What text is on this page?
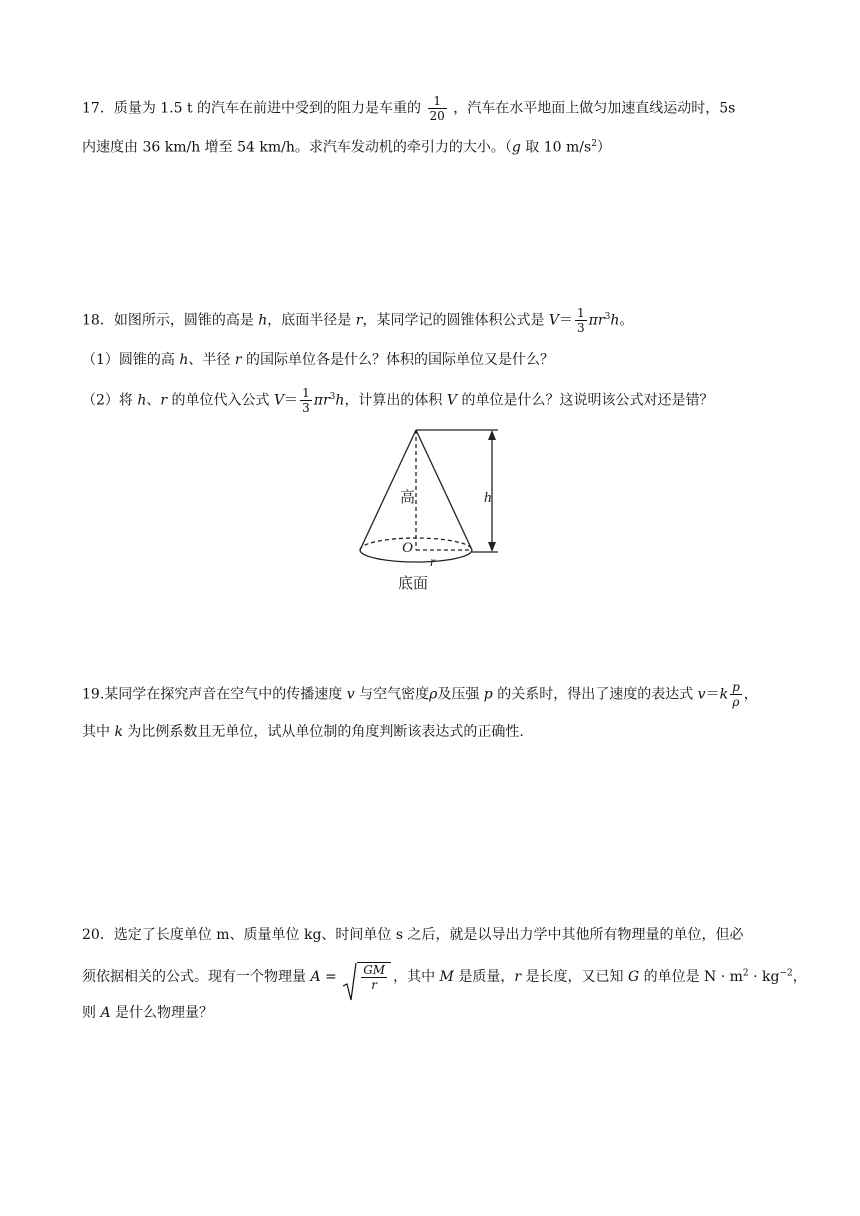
17．质量为 1.5 t 的汽车在前进中受到的阻力是车重的 $\frac{1}{20}$ ，汽车在水平地面上做匀加速直线运动时，5s
内速度由 36 km/h 增至 54 km/h。求汽车发动机的牵引力的大小。（g 取 10 $m/s^2$）
18．如图所示，圆锥的高是 h，底面半径是 r，某同学记的圆锥体积公式是 $V= \frac{1}{3} \pi r^3h$。
（1）圆锥的高 h、半径 r 的国际单位各是什么？体积的国际单位又是什么？
（2）将 h、r 的单位代入公式 $V= \frac{1}{3} \pi r^3h$，计算出的体积 V 的单位是什么？这说明该公式对还是错？
高	h
O
r
底面
19.某同学在探究声音在空气中的传播速度 v 与空气密度ρ及压强 p 的关系时，得出了速度的表达式 $v=k \frac{p}{\rho}$ ，
其中 k 为比例系数且无单位，试从单位制的角度判断该表达式的正确性.
20．选定了长度单位 m、质量单位 kg、时间单位 s 之后，就是以导出力学中其他所有物理量的单位，但必
须依据相关的公式。现有一个物理量 $A = \frac{GM}{r}$ ，其中 M 是质量，r 是长度，又已知 G 的单位是 $N \cdot m^2 \cdot kg^{-2}$，
则 A 是什么物理量？
